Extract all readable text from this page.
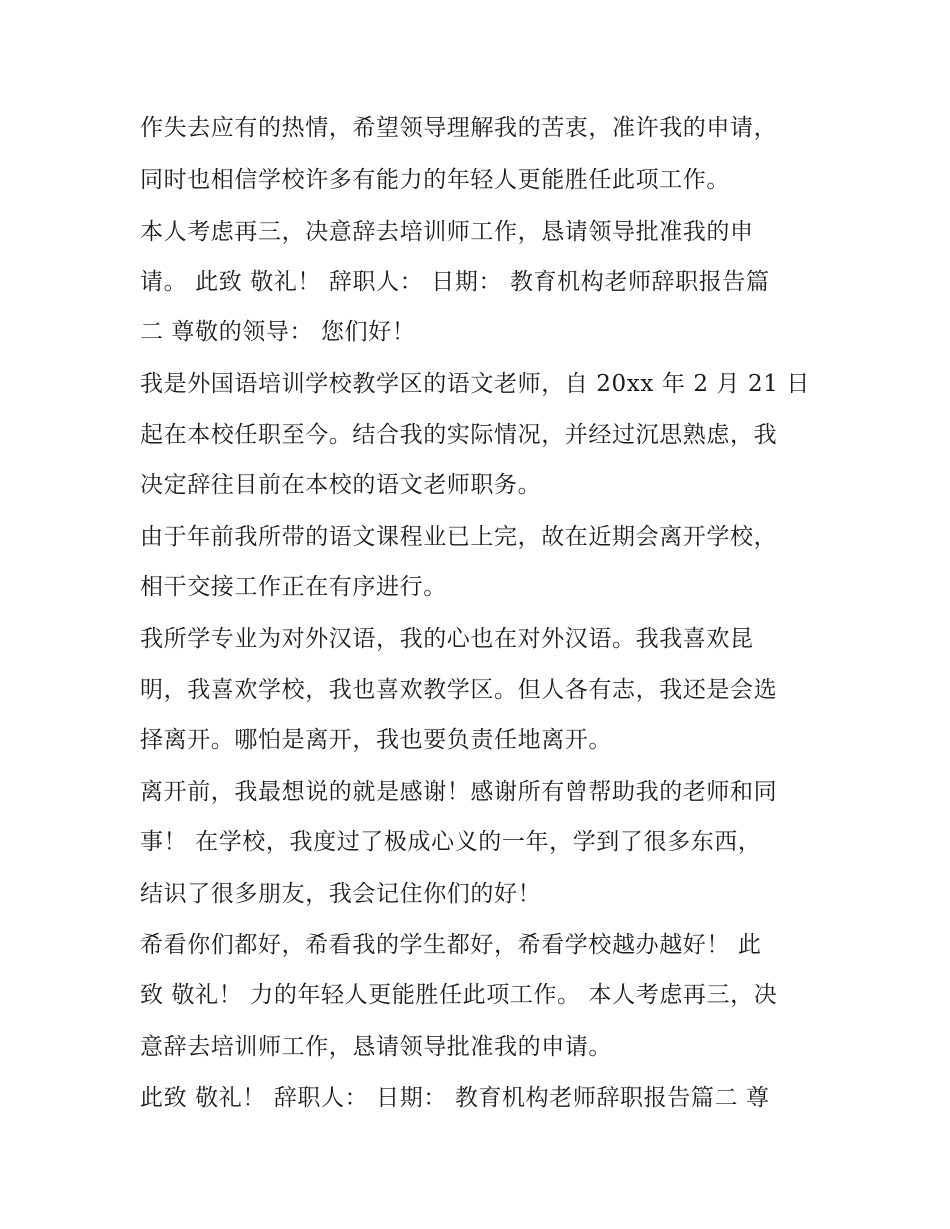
作失去应有的热情，希望领导理解我的苦衷，准许我的申请，
同时也相信学校许多有能力的年轻人更能胜任此项工作。
本人考虑再三，决意辞去培训师工作，恳请领导批准我的申
请。 此致 敬礼！ 辞职人： 日期： 教育机构老师辞职报告篇
二 尊敬的领导： 您们好！
我是外国语培训学校教学区的语文老师，自 20xx 年 2 月 21 日
起在本校任职至今。结合我的实际情况，并经过沉思熟虑，我
决定辞往目前在本校的语文老师职务。
由于年前我所带的语文课程业已上完，故在近期会离开学校，
相干交接工作正在有序进行。
我所学专业为对外汉语，我的心也在对外汉语。我我喜欢昆
明，我喜欢学校，我也喜欢教学区。但人各有志，我还是会选
择离开。哪怕是离开，我也要负责任地离开。
离开前，我最想说的就是感谢！感谢所有曾帮助我的老师和同
事！ 在学校，我度过了极成心义的一年，学到了很多东西，
结识了很多朋友，我会记住你们的好！
希看你们都好，希看我的学生都好，希看学校越办越好！ 此
致 敬礼！ 力的年轻人更能胜任此项工作。 本人考虑再三，决
意辞去培训师工作，恳请领导批准我的申请。
此致 敬礼！ 辞职人： 日期： 教育机构老师辞职报告篇二 尊
